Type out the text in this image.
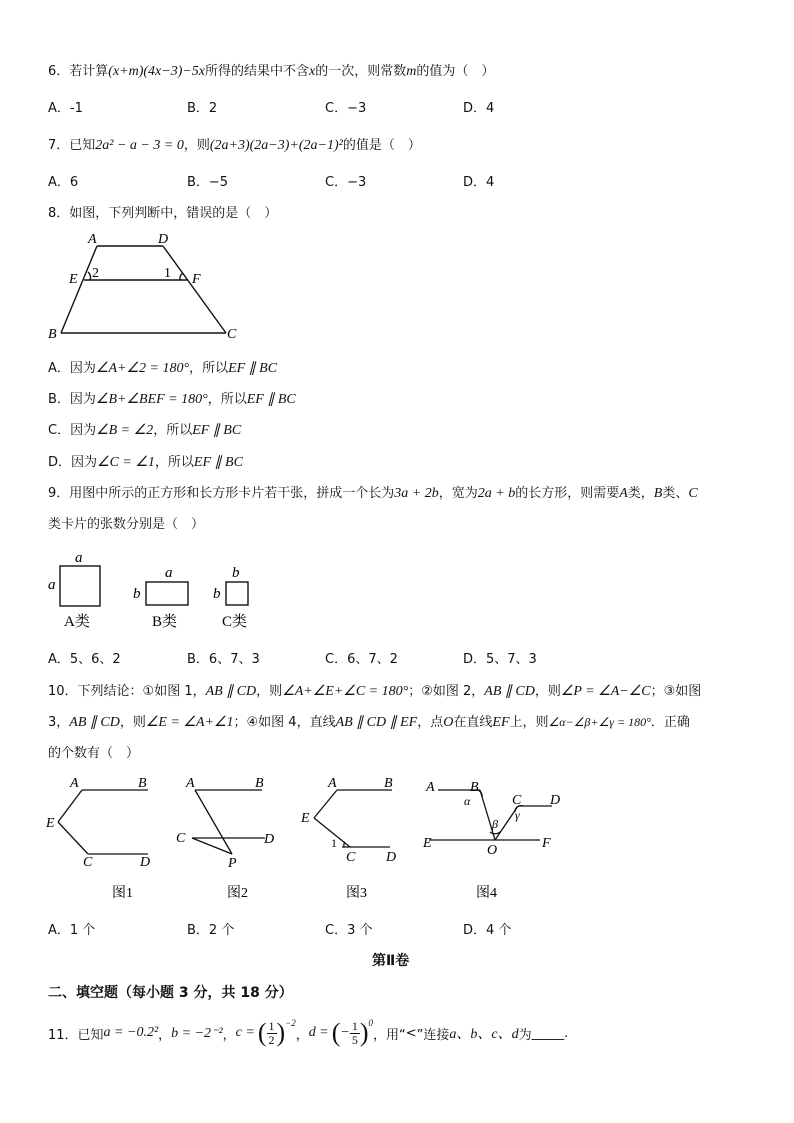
6．若计算(x+m)(4x−3)−5x所得的结果中不含x的一次，则常数m的值为（　）
A．-1	B．2	C．−3	D．4
7．已知2a² − a − 3 = 0，则(2a+3)(2a−3)+(2a−1)²的值是（　）
A．6	B．−5	C．−3	D．4
8．如图，下列判断中，错误的是（　）
A	D
E	F
B	C
2	1
A．因为∠A+∠2 = 180°，所以EF ∥ BC
B．因为∠B+∠BEF = 180°，所以EF ∥ BC
C．因为∠B = ∠2，所以EF ∥ BC
D．因为∠C = ∠1，所以EF ∥ BC
9．用图中所示的正方形和长方形卡片若干张，拼成一个长为3a + 2b，宽为2a + b的长方形，则需要A类，B类、C
类卡片的张数分别是（　）
a
a
a
b
b
b
A类	B类	C类
A．5、6、2	B．6、7、3	C．6、7、2	D．5、7、3
10．下列结论：①如图 1，AB ∥ CD，则∠A+∠E+∠C = 180°；②如图 2，AB ∥ CD，则∠P = ∠A−∠C；③如图
3，AB ∥ CD，则∠E = ∠A+∠1；④如图 4，直线AB ∥ CD ∥ EF，点O在直线EF上，则∠α−∠β+∠γ = 180°．正确
的个数有（　）
A	B
E
C	D
A	B
C	D
P
A	B
E
C D
1
A	B
C D
E	F
O
α
β
γ
图1	图2	图3	图4
A．1 个	B．2 个	C．3 个	D．4 个
第Ⅱ卷
二、填空题（每小题 3 分，共 18 分）
11．已知 a = −0.2² ， b = −2⁻² ， c = ( 1
2 )$^{-2}$
， d = ( − $\frac{1}{5} )^0$
，用“ < ”连接 a、b、c、d 为 _____ .
